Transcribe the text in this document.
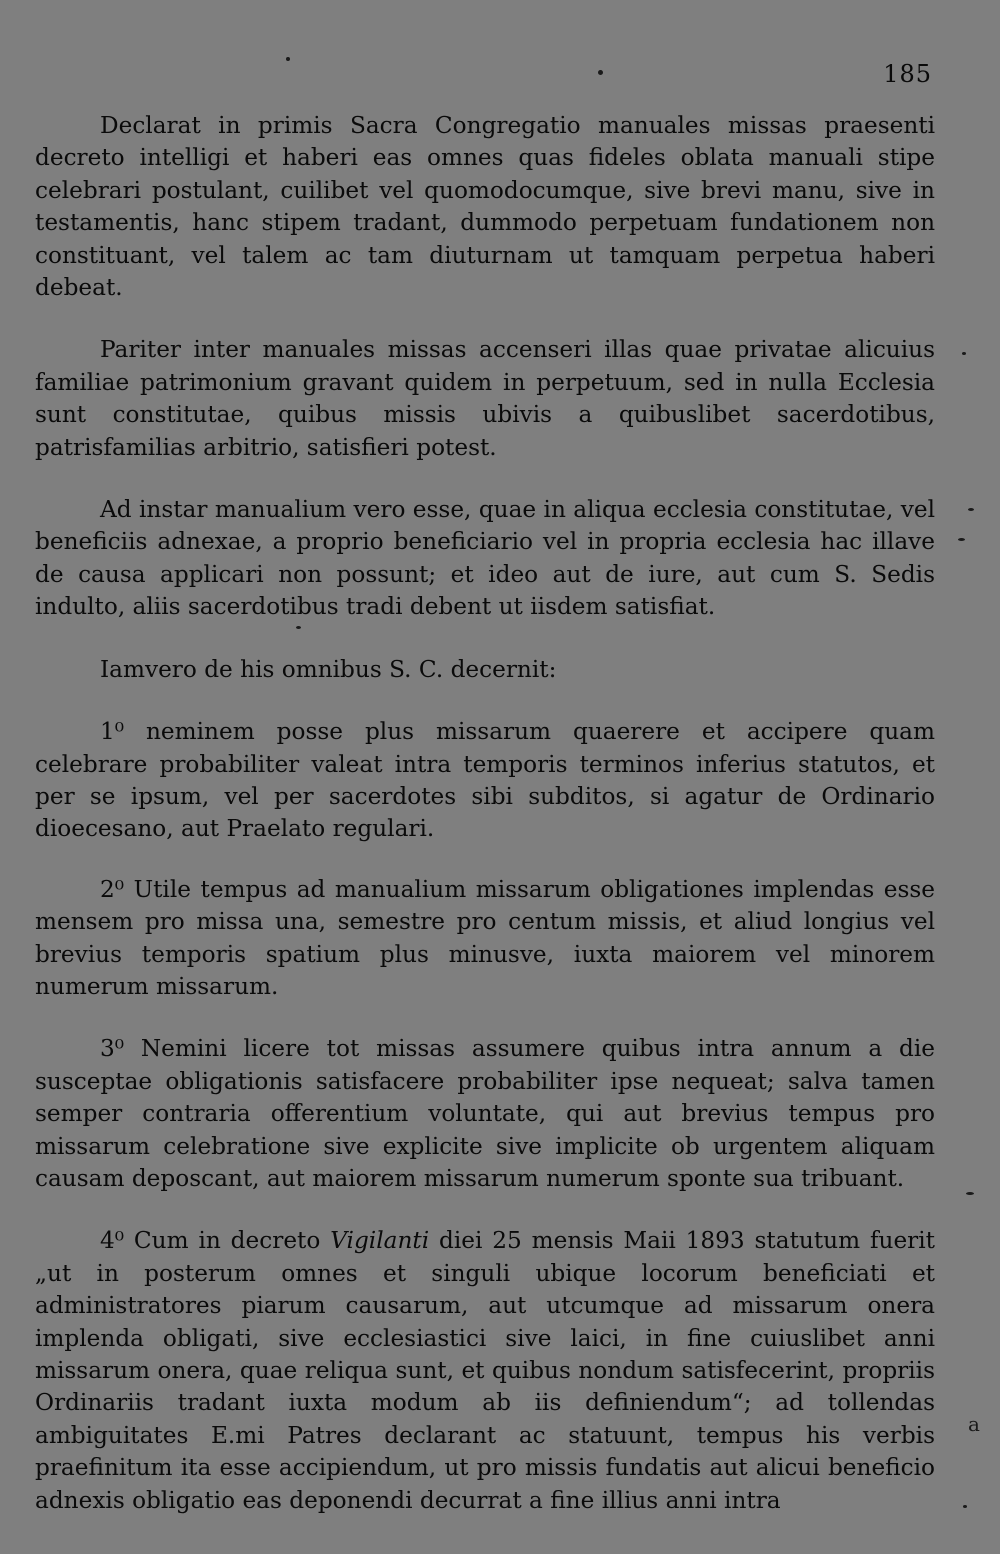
185

Declarat in primis Sacra Congregatio manuales missas praesenti decreto intelligi et haberi eas omnes quas fideles oblata manuali stipe celebrari postulant, cuilibet vel quomodocumque, sive brevi manu, sive in testamentis, hanc stipem tradant, dummodo perpetuam fundationem non constituant, vel talem ac tam diuturnam ut tamquam perpetua haberi debeat.

Pariter inter manuales missas accenseri illas quae privatae alicuius familiae patrimonium gravant quidem in perpetuum, sed in nulla Ecclesia sunt constitutae, quibus missis ubivis a quibuslibet sacerdotibus, patrisfamilias arbitrio, satisfieri potest.

Ad instar manualium vero esse, quae in aliqua ecclesia constitutae, vel beneficiis adnexae, a proprio beneficiario vel in propria ecclesia hac illave de causa applicari non possunt; et ideo aut de iure, aut cum S. Sedis indulto, aliis sacerdotibus tradi debent ut iisdem satisfiat.

Iamvero de his omnibus S. C. decernit:

1⁰ neminem posse plus missarum quaerere et accipere quam celebrare probabiliter valeat intra temporis terminos inferius statutos, et per se ipsum, vel per sacerdotes sibi subditos, si agatur de Ordinario dioecesano, aut Praelato regulari.

2⁰ Utile tempus ad manualium missarum obligationes implendas esse mensem pro missa una, semestre pro centum missis, et aliud longius vel brevius temporis spatium plus minusve, iuxta maiorem vel minorem numerum missarum.

3⁰ Nemini licere tot missas assumere quibus intra annum a die susceptae obligationis satisfacere probabiliter ipse nequeat; salva tamen semper contraria offerentium voluntate, qui aut brevius tempus pro missarum celebratione sive explicite sive implicite ob urgentem aliquam causam deposcant, aut maiorem missarum numerum sponte sua tribuant.

4⁰ Cum in decreto Vigilanti diei 25 mensis Maii 1893 statutum fuerit „ut in posterum omnes et singuli ubique locorum beneficiati et administratores piarum causarum, aut utcumque ad missarum onera implenda obligati, sive ecclesiastici sive laici, in fine cuiuslibet anni missarum onera, quae reliqua sunt, et quibus nondum satisfecerint, propriis Ordinariis tradant iuxta modum ab iis definiendum“; ad tollendas ambiguitates E.mi Patres declarant ac statuunt, tempus his verbis praefinitum ita esse accipiendum, ut pro missis fundatis aut alicui beneficio adnexis obligatio eas deponendi decurrat a fine illius anni intra

a
